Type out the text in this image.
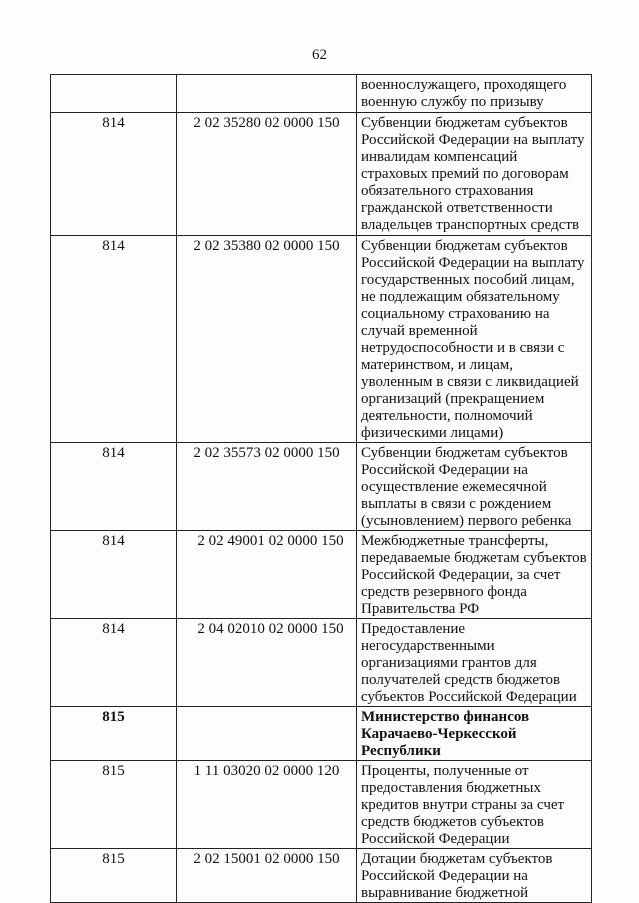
62
		военнослужащего, проходящего военную службу по призыву
814	2 02 35280 02 0000 150	Субвенции бюджетам субъектов Российской Федерации на выплату инвалидам компенсаций страховых премий по договорам обязательного страхования гражданской ответственности владельцев транспортных средств
814	2 02 35380 02 0000 150	Субвенции бюджетам субъектов Российской Федерации на выплату государственных пособий лицам, не подлежащим обязательному социальному страхованию на случай временной нетрудоспособности и в связи с материнством, и лицам, уволенным в связи с ликвидацией организаций (прекращением деятельности, полномочий физическими лицами)
814	2 02 35573 02 0000 150	Субвенции бюджетам субъектов Российской Федерации на осуществление ежемесячной выплаты в связи с рождением (усыновлением) первого ребенка
814	2 02 49001 02 0000 150	Межбюджетные трансферты, передаваемые бюджетам субъектов Российской Федерации, за счет средств резервного фонда Правительства РФ
814	2 04 02010 02 0000 150	Предоставление негосударственными организациями грантов для получателей средств бюджетов субъектов Российской Федерации
815		Министерство финансов Карачаево-Черкесской Республики
815	1 11 03020 02 0000 120	Проценты, полученные от предоставления бюджетных кредитов внутри страны за счет средств бюджетов субъектов Российской Федерации
815	2 02 15001 02 0000 150	Дотации бюджетам субъектов Российской Федерации на выравнивание бюджетной
